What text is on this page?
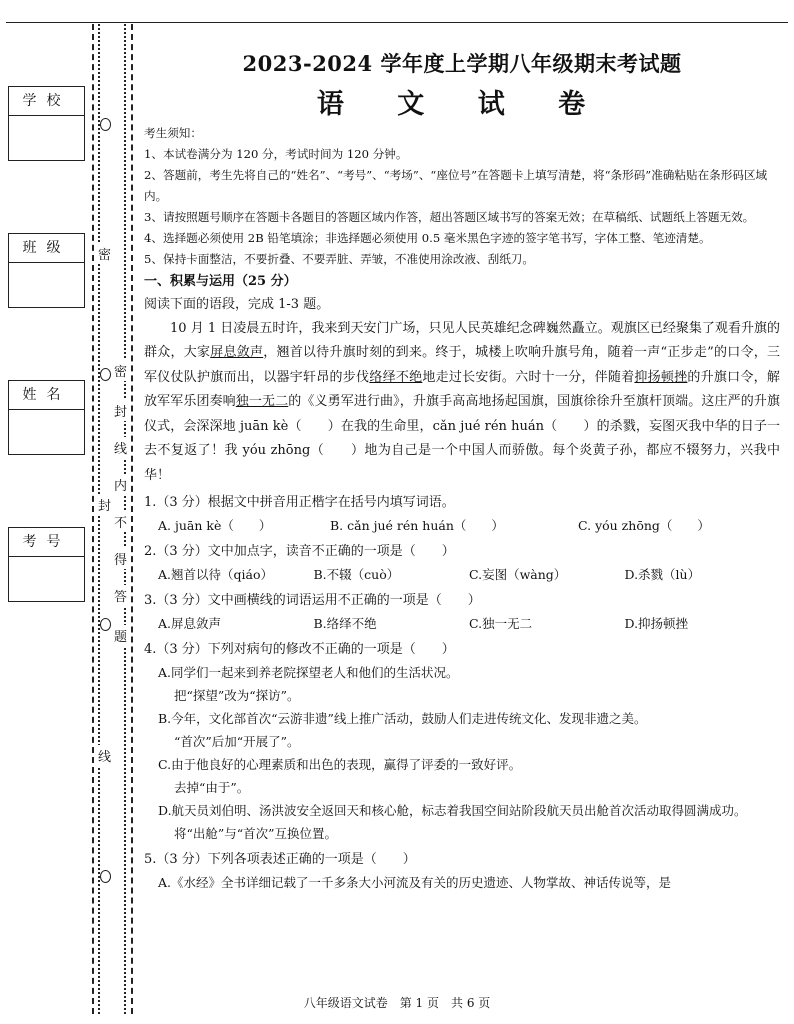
学校
班级
姓名
考号
密
封
线
密
封
线
内
不
得
答
题
2023-2024 学年度上学期八年级期末考试题
语 文 试 卷

考生须知：

1、本试卷满分为 120 分，考试时间为 120 分钟。

2、答题前，考生先将自己的“姓名”、“考号”、“考场”、“座位号”在答题卡上填写清楚，将“条形码”准确粘贴在条形码区域内。

3、请按照题号顺序在答题卡各题目的答题区域内作答，超出答题区域书写的答案无效；在草稿纸、试题纸上答题无效。

4、选择题必须使用 2B 铅笔填涂；非选择题必须使用 0.5 毫米黑色字迹的签字笔书写，字体工整、笔迹清楚。

5、保持卡面整洁，不要折叠、不要弄脏、弄皱，不准使用涂改液、刮纸刀。

一、积累与运用（25 分）

阅读下面的语段，完成 1-3 题。

10 月 1 日凌晨五时许，我来到天安门广场，只见人民英雄纪念碑巍然矗立。观旗区已经聚集了观看升旗的群众，大家屏息敛声，翘首以待升旗时刻的到来。终于，城楼上吹响升旗号角，随着一声“正步走”的口令，三军仪仗队护旗而出，以器宇轩昂的步伐络绎不绝地走过长安街。六时十一分，伴随着抑扬顿挫的升旗口令，解放军军乐团奏响独一无二的《义勇军进行曲》，升旗手高高地扬起国旗，国旗徐徐升至旗杆顶端。这庄严的升旗仪式，会深深地 juān kè（　　）在我的生命里，cǎn jué rén huán（　　）的杀戮，妄图灭我中华的日子一去不复返了！我 yóu zhōng（　　）地为自己是一个中国人而骄傲。每个炎黄子孙，都应不辍努力，兴我中华！

1.（3 分）根据文中拼音用正楷字在括号内填写词语。

A. juān kè（　　）	B. cǎn jué rén huán（　　）	C. yóu zhōng（　　）

2.（3 分）文中加点字，读音不正确的一项是（　　）

A.翘首以待（qiáo）	B.不辍（cuò）	C.妄图（wàng）	D.杀戮（lù）

3.（3 分）文中画横线的词语运用不正确的一项是（　　）

A.屏息敛声	B.络绎不绝	C.独一无二	D.抑扬顿挫

4.（3 分）下列对病句的修改不正确的一项是（　　）

A.同学们一起来到养老院探望老人和他们的生活状况。

把“探望”改为“探访”。

B.今年，文化部首次“云游非遗”线上推广活动，鼓励人们走进传统文化、发现非遗之美。

“首次”后加“开展了”。

C.由于他良好的心理素质和出色的表现，赢得了评委的一致好评。

去掉“由于”。

D.航天员刘伯明、汤洪波安全返回天和核心舱，标志着我国空间站阶段航天员出舱首次活动取得圆满成功。

将“出舱”与“首次”互换位置。

5.（3 分）下列各项表述正确的一项是（　　）

A.《水经》全书详细记载了一千多条大小河流及有关的历史遗迹、人物掌故、神话传说等，是

八年级语文试卷　第 1 页　共 6 页
